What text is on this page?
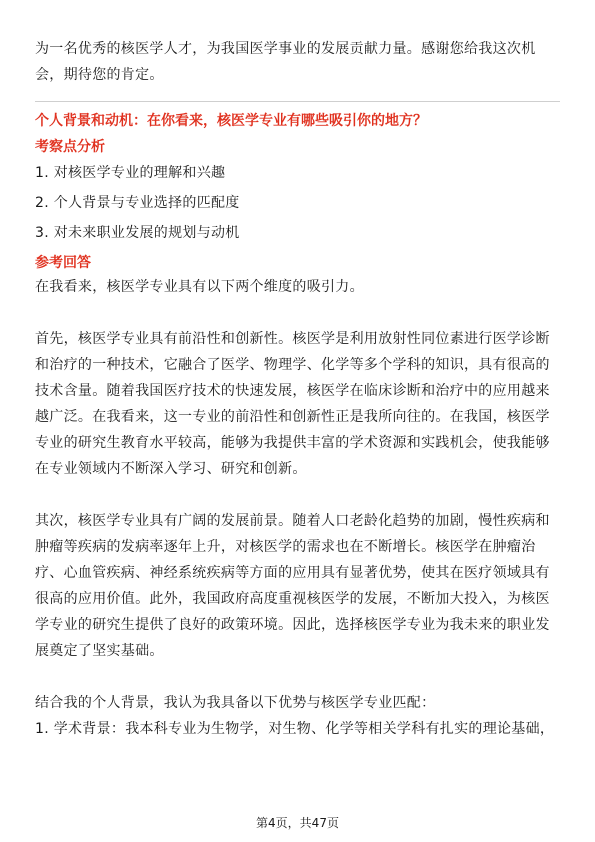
为一名优秀的核医学人才，为我国医学事业的发展贡献力量。感谢您给我这次机会，期待您的肯定。

个人背景和动机：在你看来，核医学专业有哪些吸引你的地方？

考察点分析

1. 对核医学专业的理解和兴趣

2. 个人背景与专业选择的匹配度

3. 对未来职业发展的规划与动机

参考回答

在我看来，核医学专业具有以下两个维度的吸引力。

首先，核医学专业具有前沿性和创新性。核医学是利用放射性同位素进行医学诊断和治疗的一种技术，它融合了医学、物理学、化学等多个学科的知识，具有很高的技术含量。随着我国医疗技术的快速发展，核医学在临床诊断和治疗中的应用越来越广泛。在我看来，这一专业的前沿性和创新性正是我所向往的。在我国，核医学专业的研究生教育水平较高，能够为我提供丰富的学术资源和实践机会，使我能够在专业领域内不断深入学习、研究和创新。

其次，核医学专业具有广阔的发展前景。随着人口老龄化趋势的加剧，慢性疾病和肿瘤等疾病的发病率逐年上升，对核医学的需求也在不断增长。核医学在肿瘤治疗、心血管疾病、神经系统疾病等方面的应用具有显著优势，使其在医疗领域具有很高的应用价值。此外，我国政府高度重视核医学的发展，不断加大投入，为核医学专业的研究生提供了良好的政策环境。因此，选择核医学专业为我未来的职业发展奠定了坚实基础。

结合我的个人背景，我认为我具备以下优势与核医学专业匹配：

1. 学术背景：我本科专业为生物学，对生物、化学等相关学科有扎实的理论基础，

第4页，共47页
